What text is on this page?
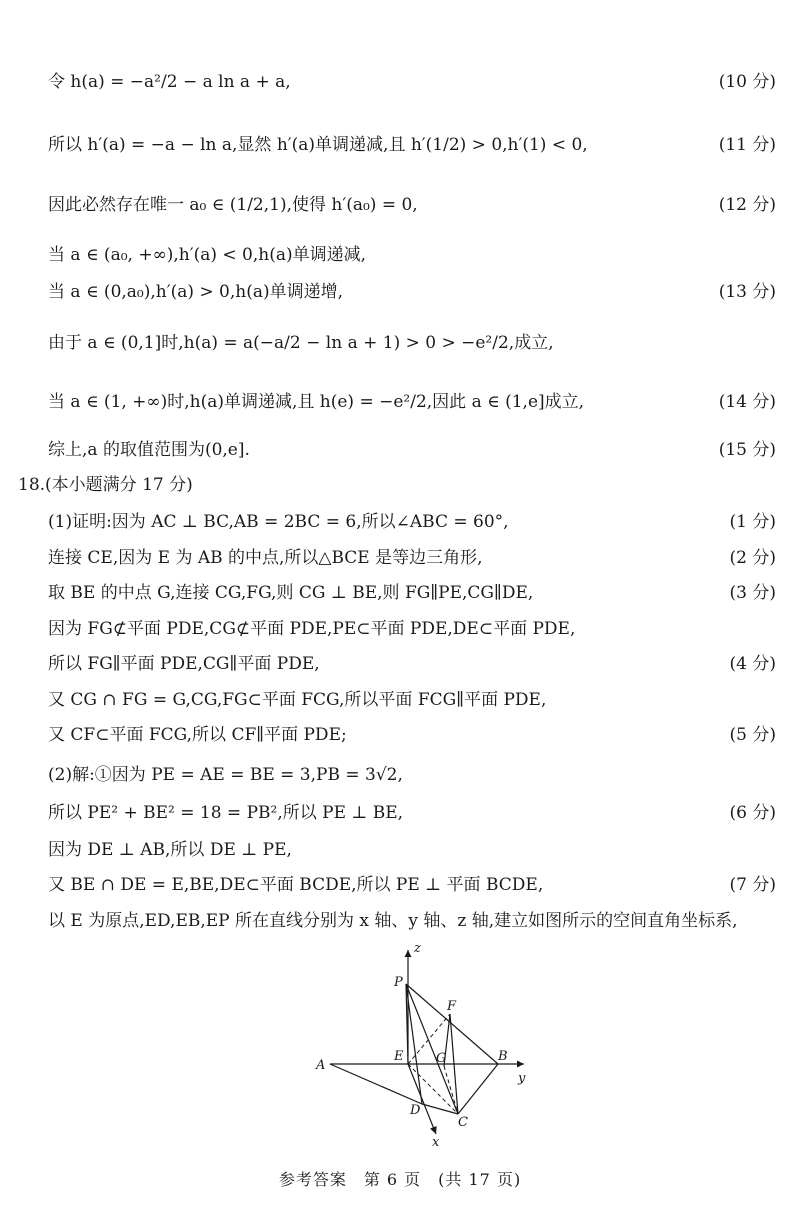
令 h(a) = −a²/2 − a ln a + a,	(10 分)
所以 h′(a) = −a − ln a,显然 h′(a)单调递减,且 h′(1/2) > 0,h′(1) < 0,	(11 分)
因此必然存在唯一 a₀ ∈ (1/2,1),使得 h′(a₀) = 0,	(12 分)
当 a ∈ (a₀, +∞),h′(a) < 0,h(a)单调递减,
当 a ∈ (0,a₀),h′(a) > 0,h(a)单调递增,	(13 分)
由于 a ∈ (0,1]时,h(a) = a(−a/2 − ln a + 1) > 0 > −e²/2,成立,
当 a ∈ (1, +∞)时,h(a)单调递减,且 h(e) = −e²/2,因此 a ∈ (1,e]成立,	(14 分)
综上,a 的取值范围为(0,e].	(15 分)
18.(本小题满分 17 分)
(1)证明:因为 AC ⊥ BC,AB = 2BC = 6,所以∠ABC = 60°,	(1 分)
连接 CE,因为 E 为 AB 的中点,所以△BCE 是等边三角形,	(2 分)
取 BE 的中点 G,连接 CG,FG,则 CG ⊥ BE,则 FG∥PE,CG∥DE,	(3 分)
因为 FG⊄平面 PDE,CG⊄平面 PDE,PE⊂平面 PDE,DE⊂平面 PDE,
所以 FG∥平面 PDE,CG∥平面 PDE,	(4 分)
又 CG ∩ FG = G,CG,FG⊂平面 FCG,所以平面 FCG∥平面 PDE,
又 CF⊂平面 FCG,所以 CF∥平面 PDE;	(5 分)
(2)解:①因为 PE = AE = BE = 3,PB = 3√2,
所以 PE² + BE² = 18 = PB²,所以 PE ⊥ BE,	(6 分)
因为 DE ⊥ AB,所以 DE ⊥ PE,
又 BE ∩ DE = E,BE,DE⊂平面 BCDE,所以 PE ⊥ 平面 BCDE,	(7 分)
以 E 为原点,ED,EB,EP 所在直线分别为 x 轴、y 轴、z 轴,建立如图所示的空间直角坐标系,
z
P
F
A
E	G	B
y
D
C
x
参考答案　第 6 页　(共 17 页)
